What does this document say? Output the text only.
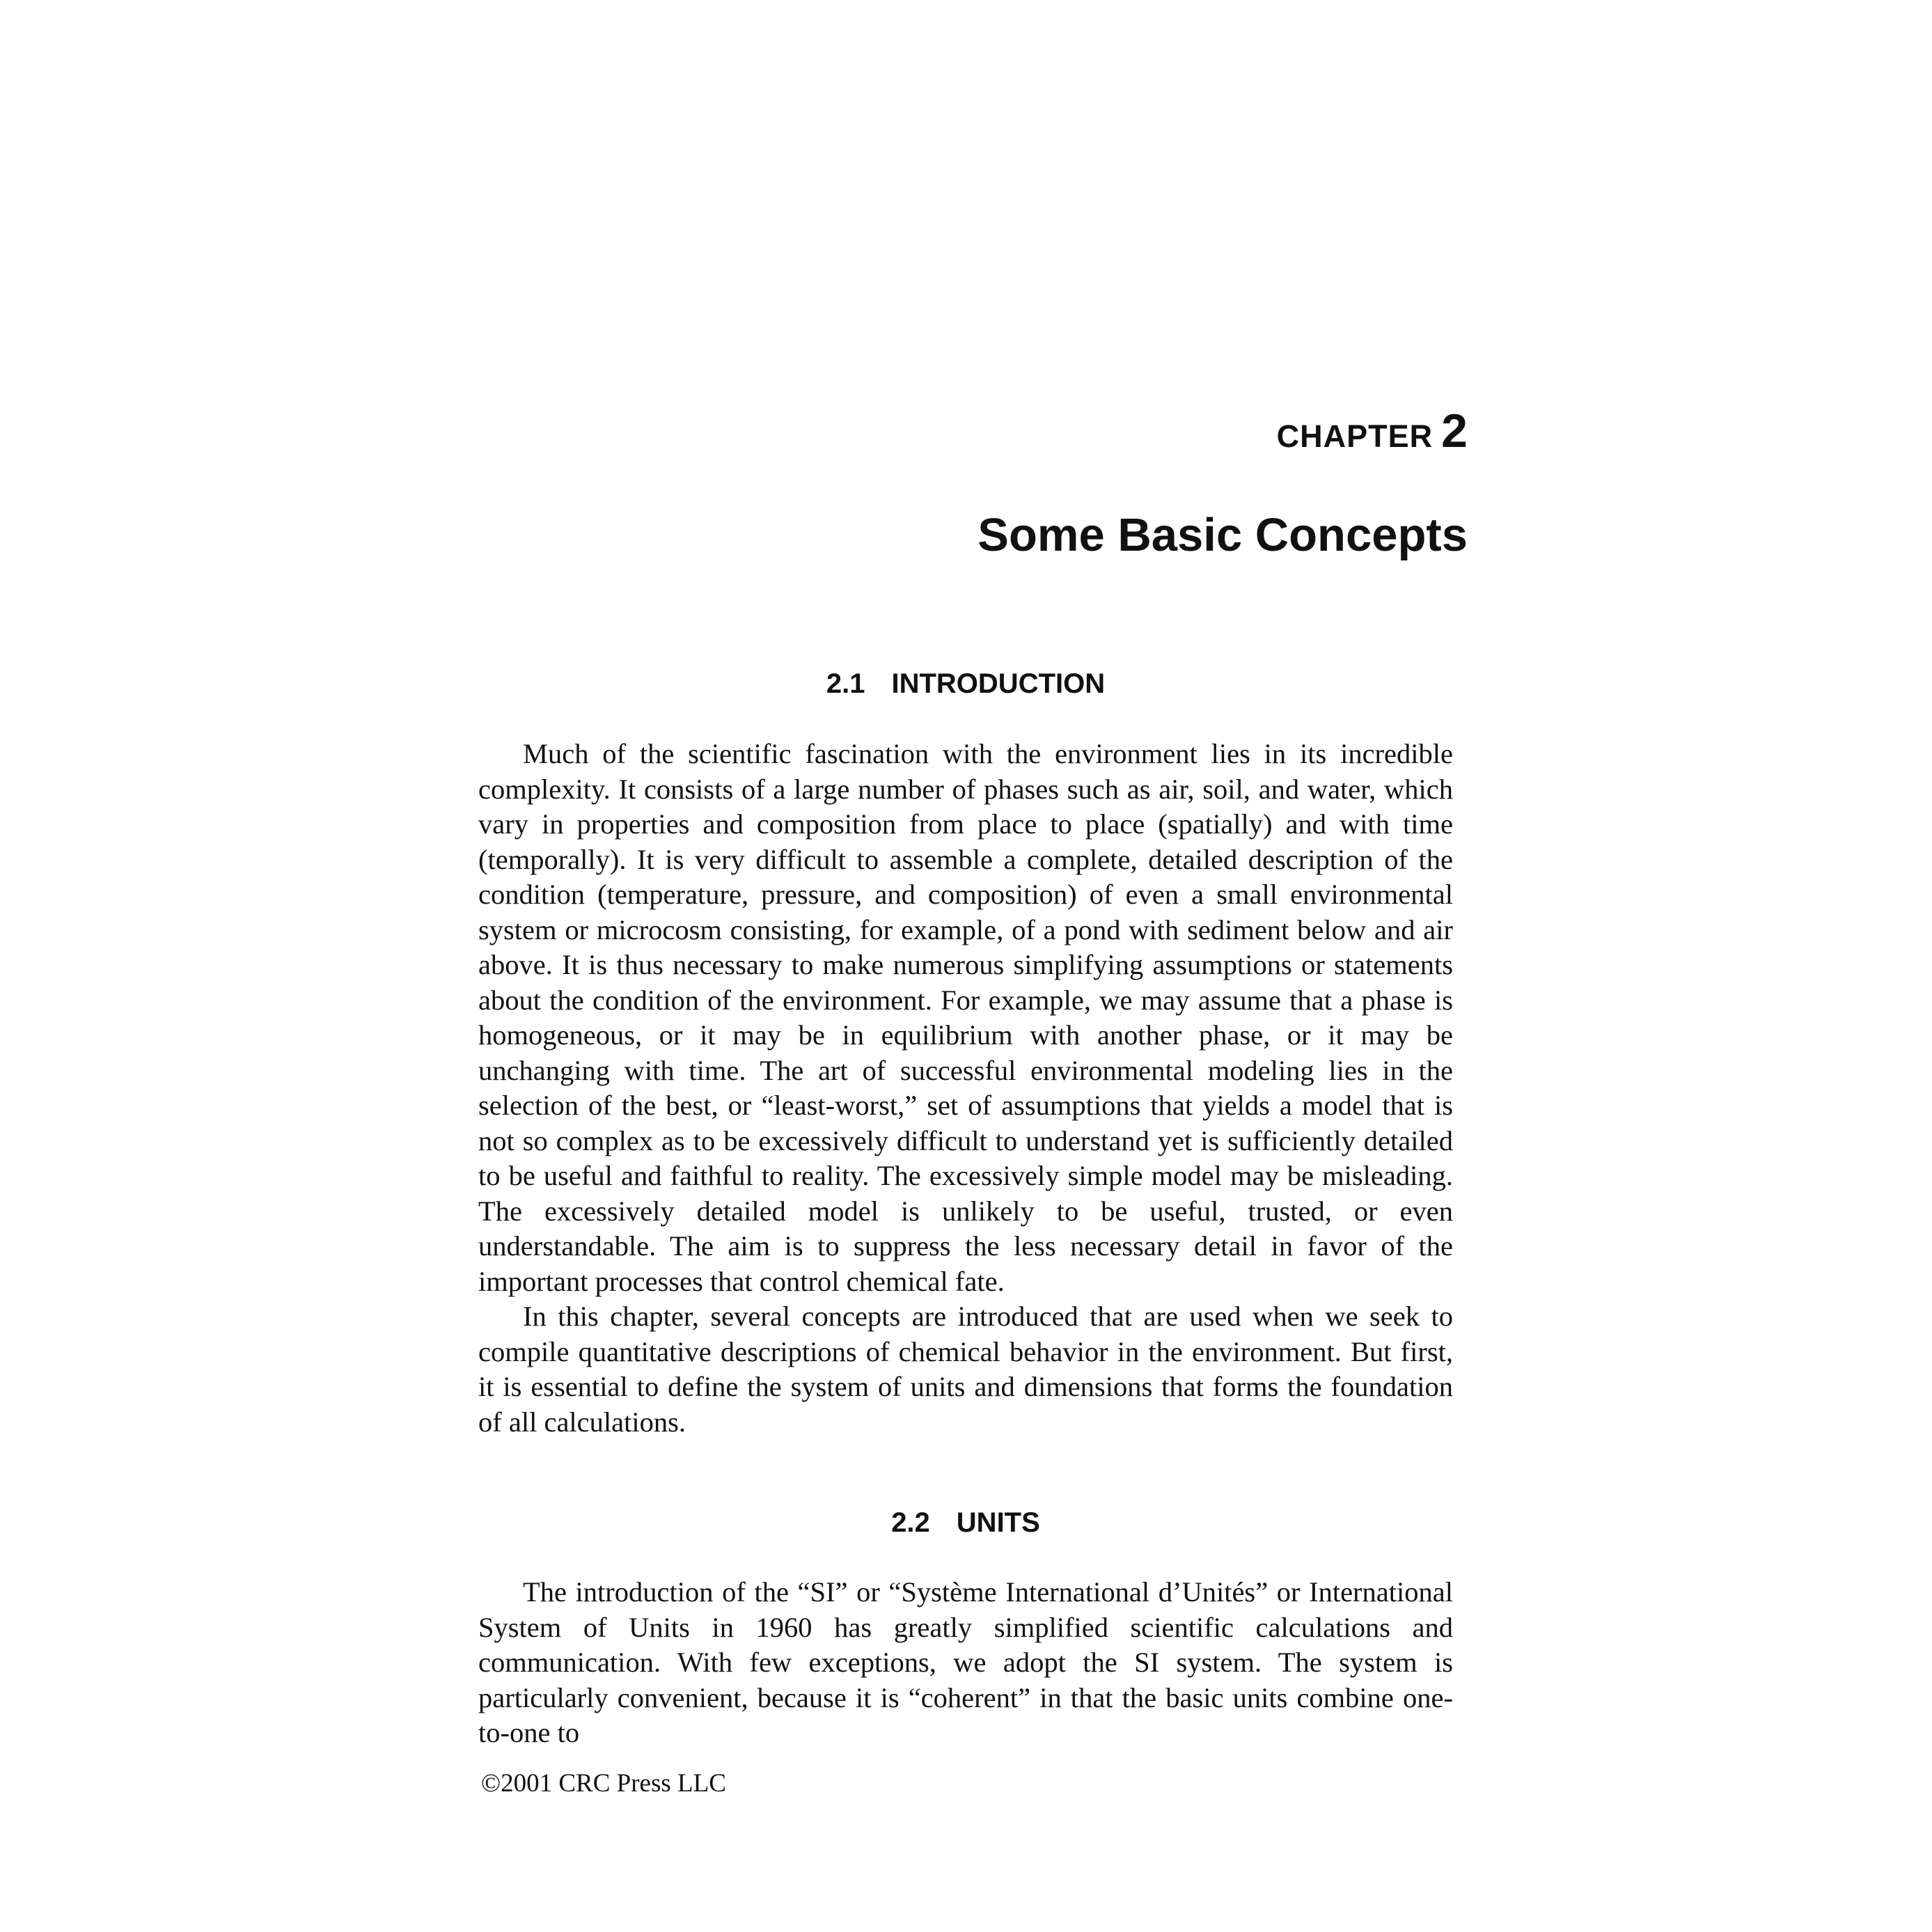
CHAPTER 2
Some Basic Concepts
2.1 INTRODUCTION

Much of the scientific fascination with the environment lies in its incredible complexity. It consists of a large number of phases such as air, soil, and water, which vary in properties and composition from place to place (spatially) and with time (temporally). It is very difficult to assemble a complete, detailed description of the condition (temperature, pressure, and composition) of even a small environmental system or microcosm consisting, for example, of a pond with sediment below and air above. It is thus necessary to make numerous simplifying assumptions or statements about the condition of the environment. For example, we may assume that a phase is homogeneous, or it may be in equilibrium with another phase, or it may be unchanging with time. The art of successful environmental modeling lies in the selection of the best, or “least-worst,” set of assumptions that yields a model that is not so complex as to be excessively difficult to understand yet is sufficiently detailed to be useful and faithful to reality. The excessively simple model may be misleading. The excessively detailed model is unlikely to be useful, trusted, or even understandable. The aim is to suppress the less necessary detail in favor of the important processes that control chemical fate.

In this chapter, several concepts are introduced that are used when we seek to compile quantitative descriptions of chemical behavior in the environment. But first, it is essential to define the system of units and dimensions that forms the foundation of all calculations.

2.2 UNITS

The introduction of the “SI” or “Système International d’Unités” or International System of Units in 1960 has greatly simplified scientific calculations and communication. With few exceptions, we adopt the SI system. The system is particularly convenient, because it is “coherent” in that the basic units combine one-to-one to

©2001 CRC Press LLC
